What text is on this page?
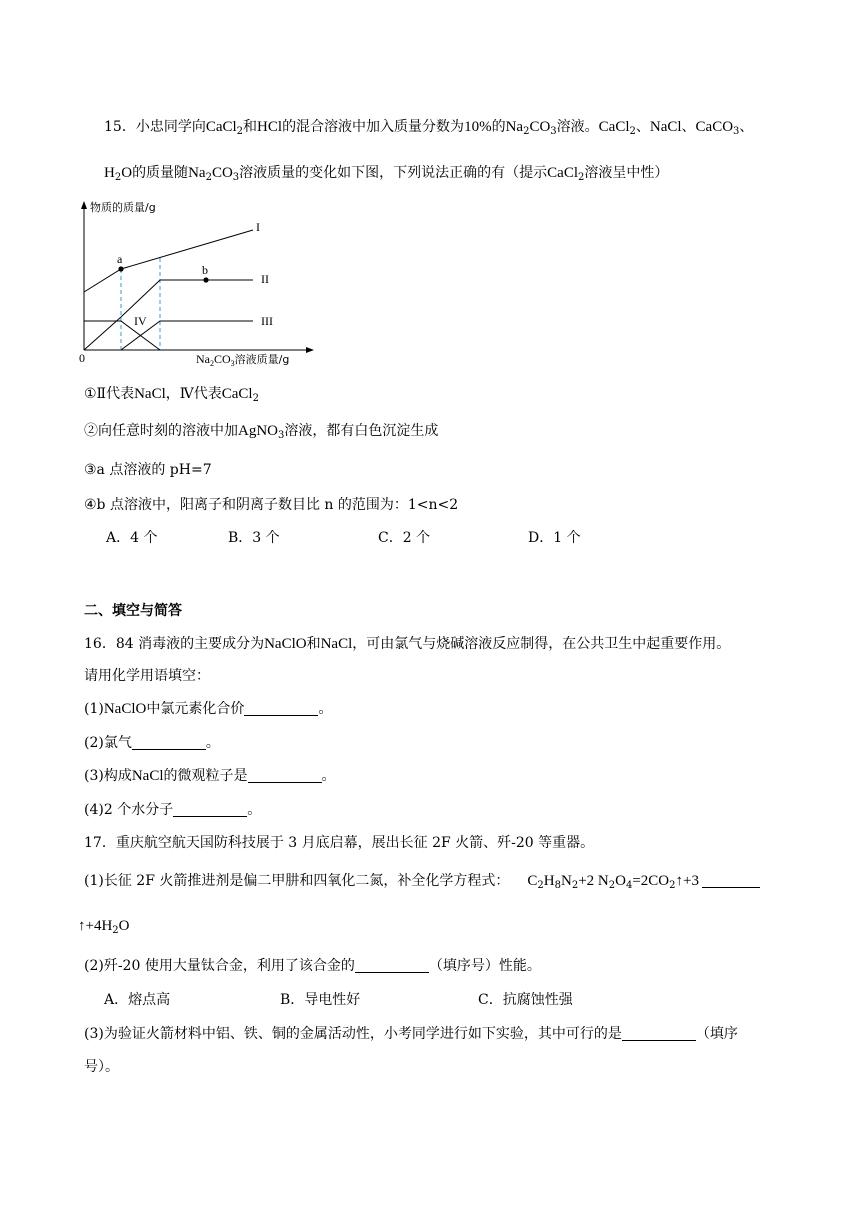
15．小忠同学向CaCl$_2$和HCl的混合溶液中加入质量分数为10%的$Na_2CO_3$溶液。CaCl$_2$、NaCl、CaCO$_3$、
$H_2O$的质量随$Na_2CO_3$溶液质量的变化如下图，下列说法正确的有（提示CaCl$_2$溶液呈中性）
物质的质量/g
I
II
III
IV
a
b
0	$Na_2CO_3$溶液质量/g
①Ⅱ代表NaCl，Ⅳ代表CaCl$_2$
②向任意时刻的溶液中加AgNO$_3$溶液，都有白色沉淀生成
③a 点溶液的 pH=7
④b 点溶液中，阳离子和阴离子数目比 n 的范围为：1<n<2
A．4 个	B．3 个	C．2 个	D．1 个
二、填空与简答
16．84 消毒液的主要成分为NaClO和NaCl，可由氯气与烧碱溶液反应制得，在公共卫生中起重要作用。
请用化学用语填空：
(1)NaClO中氯元素化合价	。
(2)氯气	。
(3)构成NaCl的微观粒子是	。
(4)2 个水分子	。
17．重庆航空航天国防科技展于 3 月底启幕，展出长征 2F 火箭、歼-20 等重器。
(1)长征 2F 火箭推进剂是偏二甲肼和四氧化二氮，补全化学方程式： $C_2H_8N_2+2$ $N_2O_4=2CO_2↑+3$
$↑+4H_2O$
(2)歼-20 使用大量钛合金，利用了该合金的	（填序号）性能。
A．熔点高	B．导电性好	C．抗腐蚀性强
(3)为验证火箭材料中铝、铁、铜的金属活动性，小考同学进行如下实验，其中可行的是	（填序
号）。
